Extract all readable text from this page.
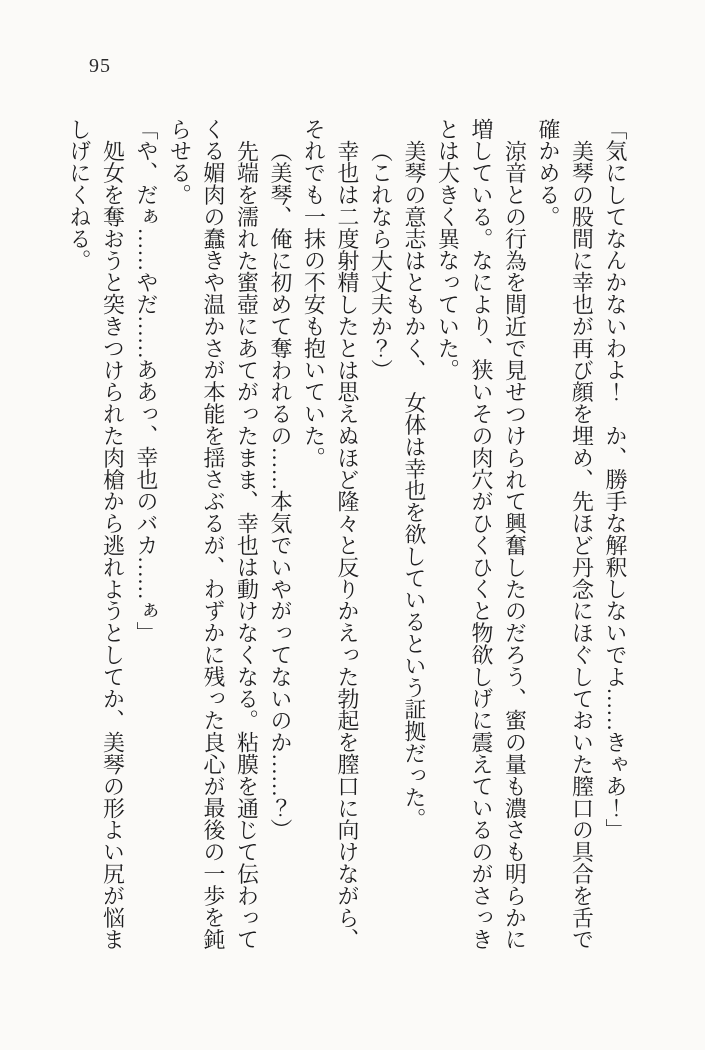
95

「気にしてなんかないわよ！　か、勝手な解釈しないでよ……きゃあ！」

美琴の股間に幸也が再び顔を埋め、先ほど丹念にほぐしておいた膣口の具合を舌で確かめる。

涼音との行為を間近で見せつけられて興奮したのだろう、蜜の量も濃さも明らかに増している。なにより、狭いその肉穴がひくひくと物欲しげに震えているのがさっきとは大きく異なっていた。

美琴の意志はともかく、　女体は幸也を欲しているという証拠だった。

（これなら大丈夫か？）

幸也は二度射精したとは思えぬほど隆々と反りかえった勃起を膣口に向けながら、それでも一抹の不安も抱いていた。

（美琴、俺に初めて奪われるの……本気でいやがってないのか……？）

先端を濡れた蜜壺にあてがったまま、幸也は動けなくなる。粘膜を通じて伝わってくる媚肉の蠢きや温かさが本能を揺さぶるが、わずかに残った良心が最後の一歩を鈍らせる。

「や、だぁ……やだ……ああっ、幸也のバカ……ぁ」

処女を奪おうと突きつけられた肉槍から逃れようとしてか、美琴の形よい尻が悩ましげにくねる。
